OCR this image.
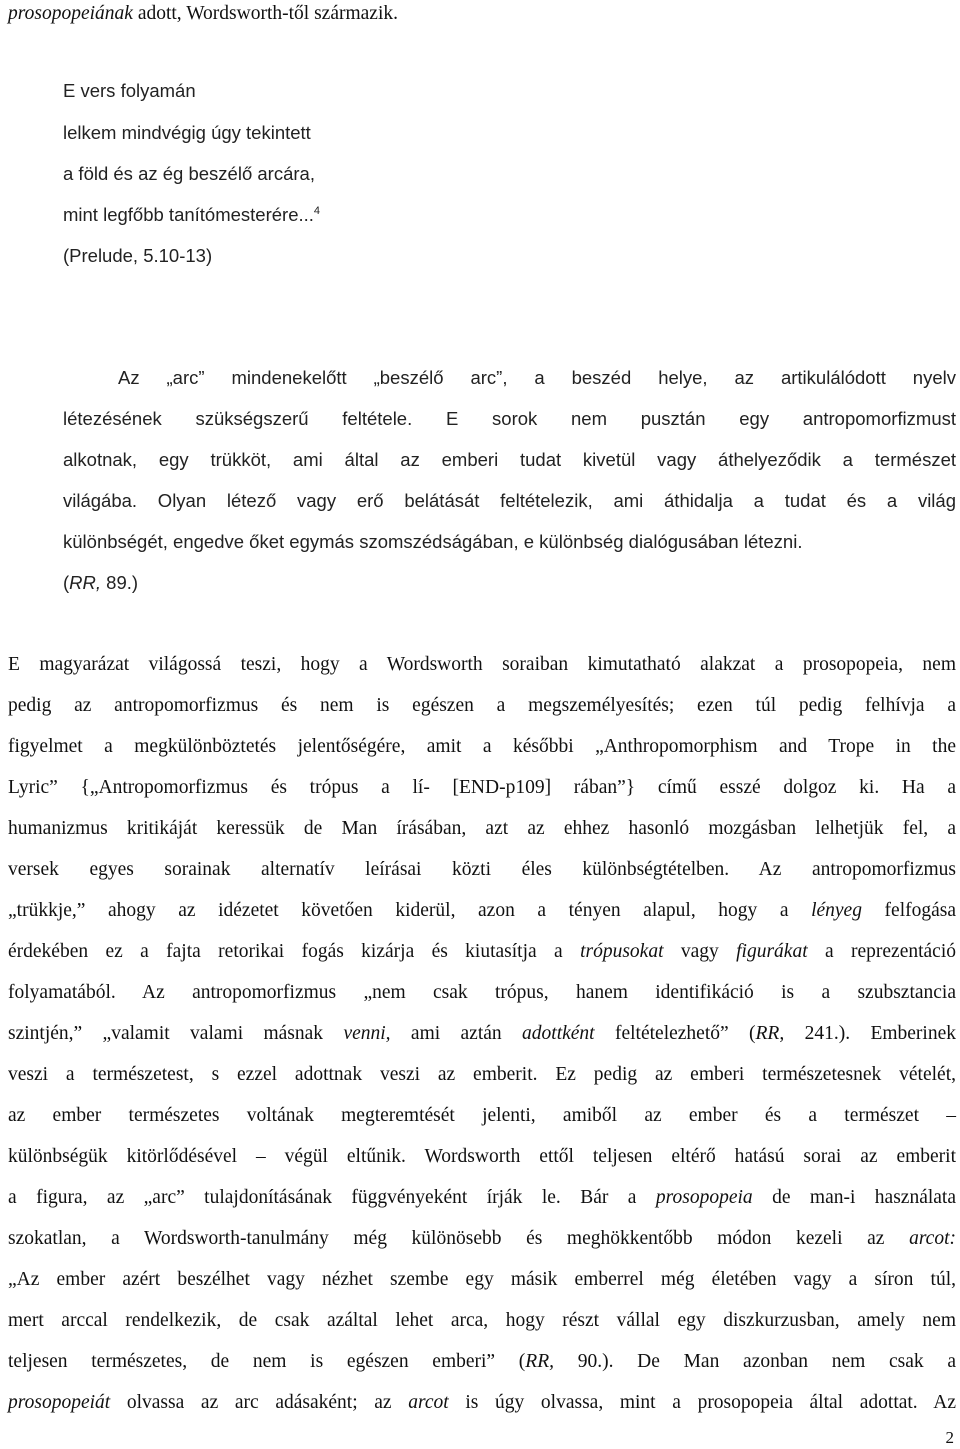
prosopopeiának adott, Wordsworth-től származik.
E vers folyamán
lelkem mindvégig úgy tekintett
a föld és az ég beszélő arcára,
mint legfőbb tanítómesterére...$^4$
(Prelude, 5.10-13)
Az „arc” mindenekelőtt „beszélő arc”, a beszéd helye, az artikulálódott nyelv
létezésének szükségszerű feltétele. E sorok nem pusztán egy antropomorfizmust
alkotnak, egy trükköt, ami által az emberi tudat kivetül vagy áthelyeződik a természet
világába. Olyan létező vagy erő belátását feltételezik, ami áthidalja a tudat és a világ
különbségét, engedve őket egymás szomszédságában, e különbség dialógusában létezni.
(RR, 89.)
E magyarázat világossá teszi, hogy a Wordsworth soraiban kimutatható alakzat a prosopopeia, nem
pedig az antropomorfizmus és nem is egészen a megszemélyesítés; ezen túl pedig felhívja a
figyelmet a megkülönböztetés jelentőségére, amit a későbbi „Anthropomorphism and Trope in the
Lyric” {„Antropomorfizmus és trópus a lí- [END-p109] rában”} című esszé dolgoz ki. Ha a
humanizmus kritikáját keressük de Man írásában, azt az ehhez hasonló mozgásban lelhetjük fel, a
versek egyes sorainak alternatív leírásai közti éles különbségtételben. Az antropomorfizmus
„trükkje,” ahogy az idézetet követően kiderül, azon a tényen alapul, hogy a lényeg felfogása
érdekében ez a fajta retorikai fogás kizárja és kiutasítja a trópusokat vagy figurákat a reprezentáció
folyamatából. Az antropomorfizmus „nem csak trópus, hanem identifikáció is a szubsztancia
szintjén,” „valamit valami másnak venni, ami aztán adottként feltételezhető” (RR, 241.). Emberinek
veszi a természetest, s ezzel adottnak veszi az emberit. Ez pedig az emberi természetesnek vételét,
az ember természetes voltának megteremtését jelenti, amiből az ember és a természet –
különbségük kitörlődésével – végül eltűnik. Wordsworth ettől teljesen eltérő hatású sorai az emberit
a figura, az „arc” tulajdonításának függvényeként írják le. Bár a prosopopeia de man-i használata
szokatlan, a Wordsworth-tanulmány még különösebb és meghökkentőbb módon kezeli az arcot:
„Az ember azért beszélhet vagy nézhet szembe egy másik emberrel még életében vagy a síron túl,
mert arccal rendelkezik, de csak azáltal lehet arca, hogy részt vállal egy diszkurzusban, amely nem
teljesen természetes, de nem is egészen emberi” (RR, 90.). De Man azonban nem csak a
prosopopeiát olvassa az arc adásaként; az arcot is úgy olvassa, mint a prosopopeia által adottat. Az
2
